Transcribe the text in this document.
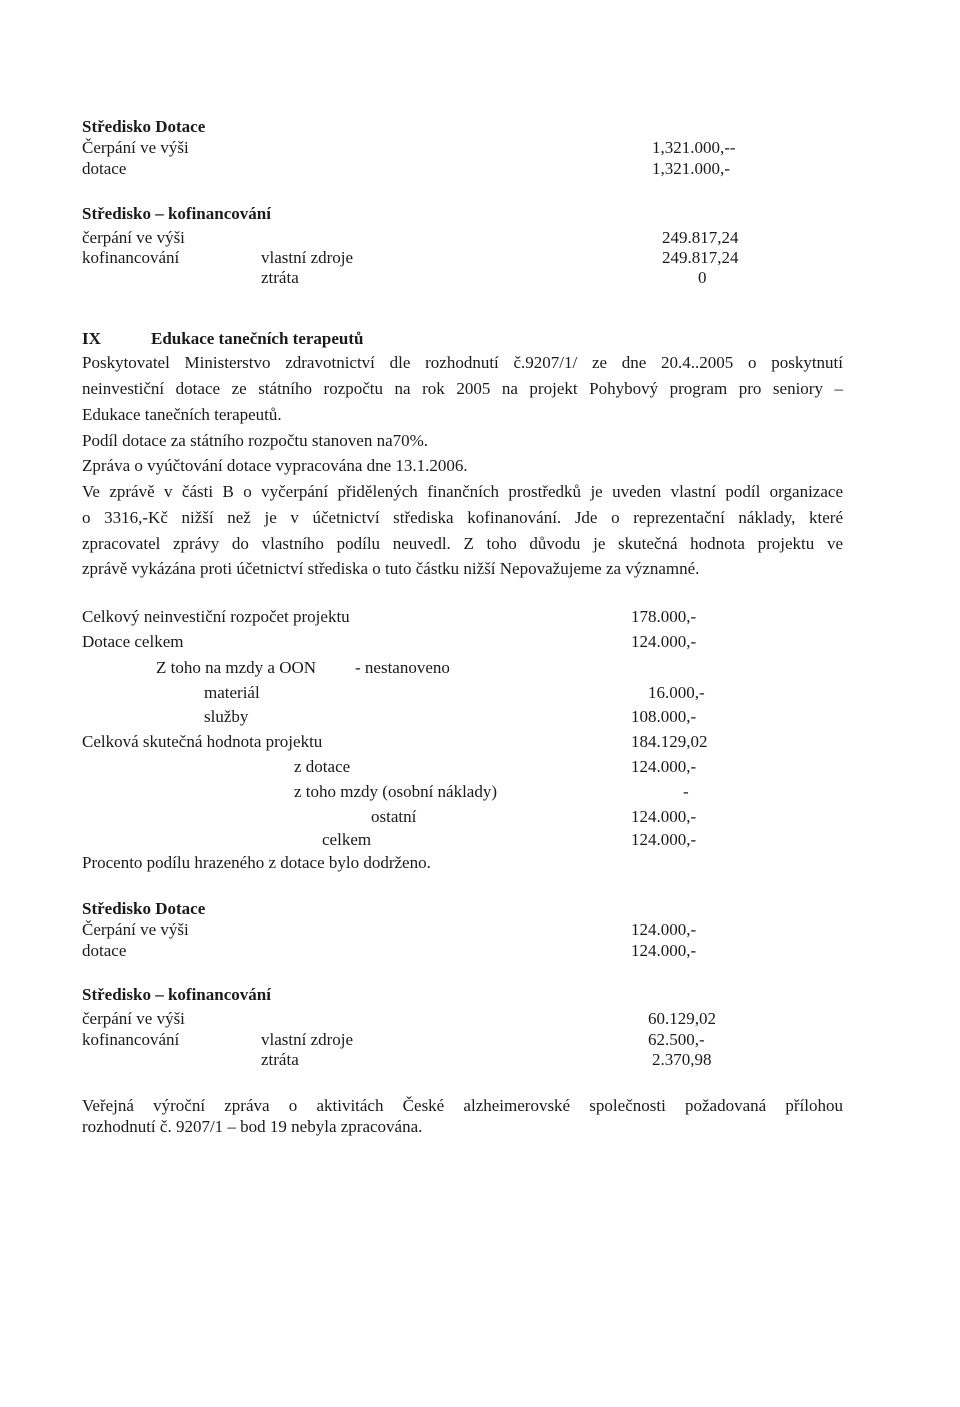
Středisko Dotace
Čerpání ve výši	1,321.000,--
dotace	1,321.000,-
Středisko – kofinancování
čerpání ve výši	249.817,24
kofinancování	vlastní zdroje	249.817,24
ztráta	0
IX	Edukace tanečních terapeutů
Poskytovatel Ministerstvo zdravotnictví dle rozhodnutí č.9207/1/ ze dne 20.4..2005 o poskytnutí
neinvestiční dotace ze státního rozpočtu na rok 2005 na projekt Pohybový program pro seniory –
Edukace tanečních terapeutů.
Podíl dotace za státního rozpočtu stanoven na70%.
Zpráva o vyúčtování dotace vypracována dne 13.1.2006.
Ve zprávě v části B o vyčerpání přidělených finančních prostředků je uveden vlastní podíl organizace
o 3316,-Kč nižší než je v účetnictví střediska kofinanování. Jde o reprezentační náklady, které
zpracovatel zprávy do vlastního podílu neuvedl. Z toho důvodu je skutečná hodnota projektu ve
zprávě vykázána proti účetnictví střediska o tuto částku nižší Nepovažujeme za významné.
Celkový neinvestiční rozpočet projektu	178.000,-
Dotace celkem	124.000,-
Z toho na mzdy a OON - nestanoveno
materiál	16.000,-
služby	108.000,-
Celková skutečná hodnota projektu	184.129,02
z dotace	124.000,-
z toho mzdy (osobní náklady)	-
ostatní	124.000,-
celkem	124.000,-
Procento podílu hrazeného z dotace bylo dodrženo.
Středisko Dotace
Čerpání ve výši	124.000,-
dotace	124.000,-
Středisko – kofinancování
čerpání ve výši	60.129,02
kofinancování	vlastní zdroje	62.500,-
ztráta	2.370,98
Veřejná výroční zpráva o aktivitách České alzheimerovské společnosti požadovaná přílohou
rozhodnutí č. 9207/1 – bod 19 nebyla zpracována.
